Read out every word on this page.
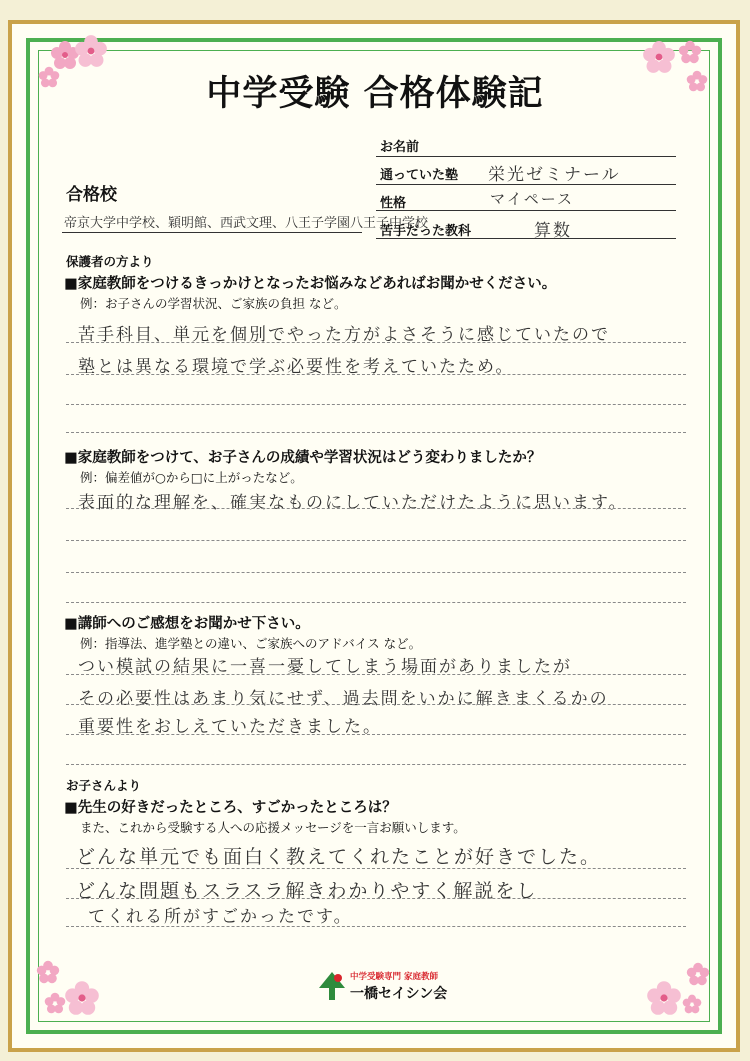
中学受験 合格体験記
お名前
通っていた塾 栄光ゼミナール
性格	マイペース
苦手だった教科	算数
合格校
帝京大学中学校、穎明館、西武文理、八王子学園八王子中学校
保護者の方より
■家庭教師をつけるきっかけとなったお悩みなどあればお聞かせください。
例：お子さんの学習状況、ご家族の負担 など。
苦手科目、単元を個別でやった方がよさそうに感じていたので
塾とは異なる環境で学ぶ必要性を考えていたため。
■家庭教師をつけて、お子さんの成績や学習状況はどう変わりましたか？
例：偏差値が○から□に上がったなど。
表面的な理解を、確実なものにしていただけたように思います。
■講師へのご感想をお聞かせ下さい。
例：指導法、進学塾との違い、ご家族へのアドバイス など。
つい模試の結果に一喜一憂してしまう場面がありましたが
その必要性はあまり気にせず、過去問をいかに解きまくるかの
重要性をおしえていただきました。
お子さんより
■先生の好きだったところ、すごかったところは？
また、これから受験する人への応援メッセージを一言お願いします。
どんな単元でも面白く教えてくれたことが好きでした。
どんな問題もスラスラ解きわかりやすく解説をし
てくれる所がすごかったです。
中学受験専門 家庭教師
一橋セイシン会
